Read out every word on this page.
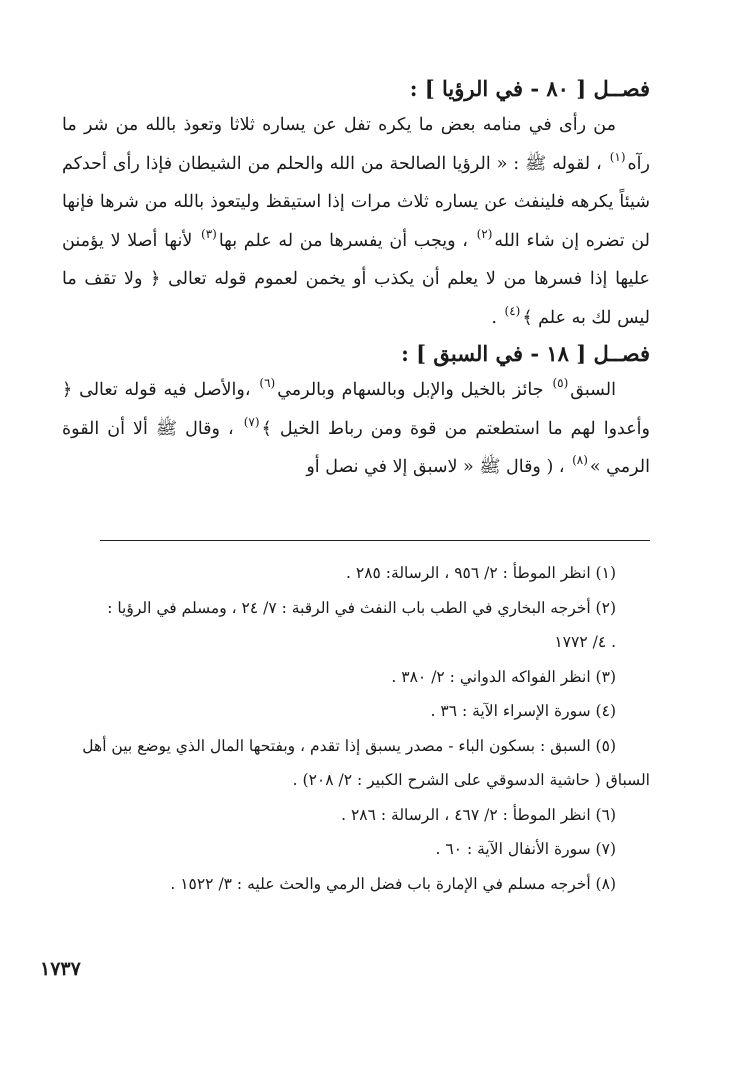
فصــل [ ٨٠ - في الرؤيا ] :

من رأى في منامه بعض ما يكره تفل عن يساره ثلاثا وتعوذ بالله من شر ما رآه$^{(١)}$ ، لقوله ﷺ : « الرؤيا الصالحة من الله والحلم من الشيطان فإذا رأى أحدكم شيئاً يكرهه فلينفث عن يساره ثلاث مرات إذا استيقظ وليتعوذ بالله من شرها فإنها لن تضره إن شاء الله$^{(٢)}$ ، ويجب أن يفسرها من له علم بها$^{(٣)}$ لأنها أصلا لا يؤمنن عليها إذا فسرها من لا يعلم أن يكذب أو يخمن لعموم قوله تعالى ﴿ ولا تقف ما ليس لك به علم ﴾$^{(٤)}$ .

فصــل [ ١٨ - في السبق ] :

السبق$^{(٥)}$ جائز بالخيل والإبل وبالسهام وبالرمي$^{(٦)}$ ،والأصل فيه قوله تعالى ﴿ وأعدوا لهم ما استطعتم من قوة ومن رباط الخيل ﴾$^{(٧)}$ ، وقال ﷺ ألا أن القوة الرمي »$^{(٨)}$ ، ( وقال ﷺ « لاسبق إلا في نصل أو

(١) انظر الموطأ : ٢/ ٩٥٦ ، الرسالة: ٢٨٥ .

(٢) أخرجه البخاري في الطب باب النفث في الرقبة : ٧/ ٢٤ ، ومسلم في الرؤيا :

. ٤/ ١٧٧٢

(٣) انظر الفواكه الدواني : ٢/ ٣٨٠ .

(٤) سورة الإسراء الآية : ٣٦ .

(٥) السبق : بسكون الباء - مصدر يسبق إذا تقدم ، وبفتحها المال الذي يوضع بين أهل

السباق ( حاشية الدسوقي على الشرح الكبير : ٢/ ٢٠٨) .

(٦) انظر الموطأ : ٢/ ٤٦٧ ، الرسالة : ٢٨٦ .

(٧) سورة الأنفال الآية : ٦٠ .

(٨) أخرجه مسلم في الإمارة باب فضل الرمي والحث عليه : ٣/ ١٥٢٢ .

١٧٣٧
